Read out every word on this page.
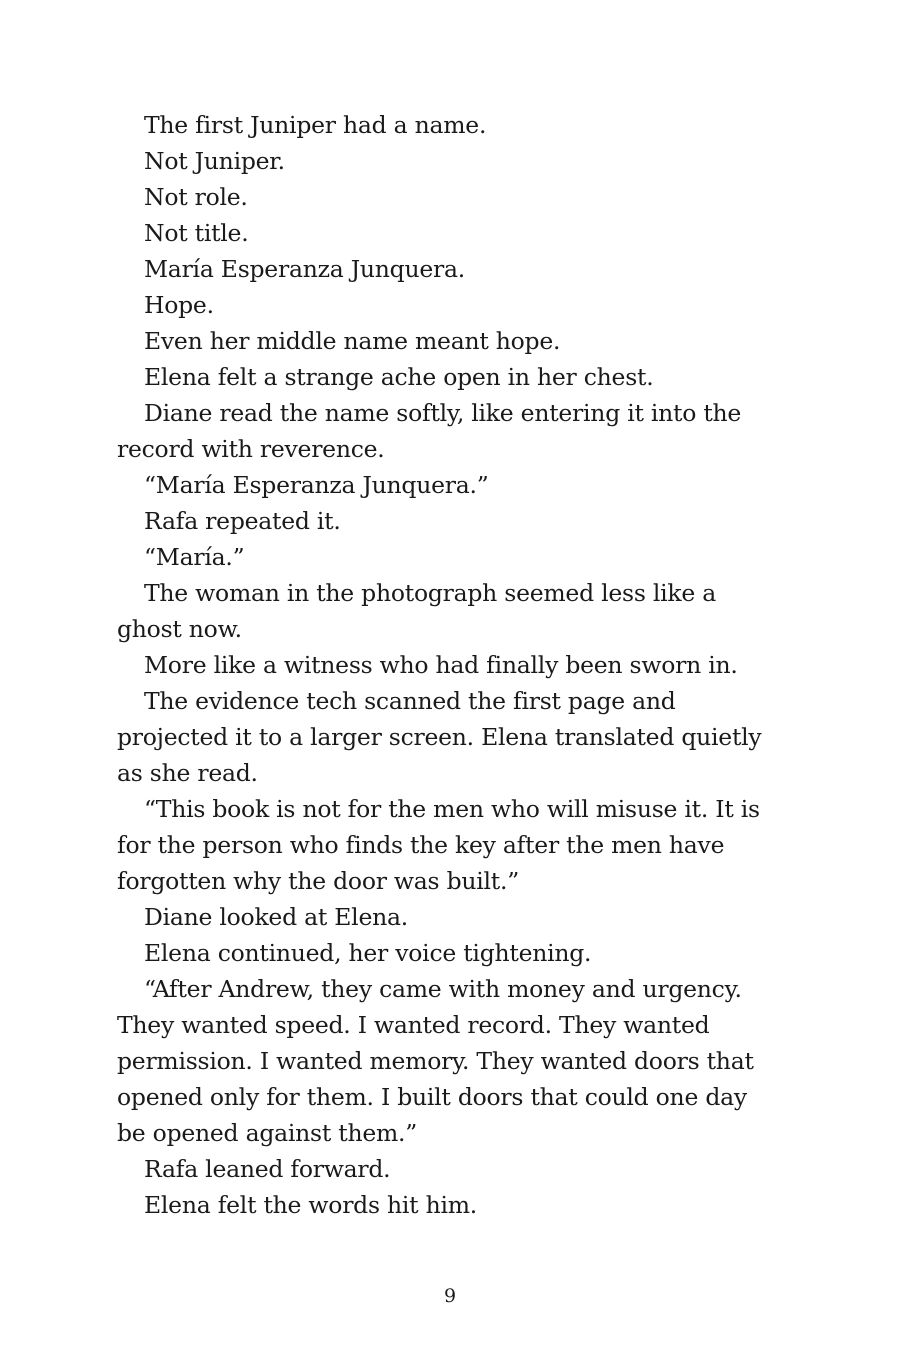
The first Juniper had a name.

Not Juniper.

Not role.

Not title.

María Esperanza Junquera.

Hope.

Even her middle name meant hope.

Elena felt a strange ache open in her chest.

Diane read the name softly, like entering it into the record with reverence.

“María Esperanza Junquera.”

Rafa repeated it.

“María.”

The woman in the photograph seemed less like a ghost now.

More like a witness who had finally been sworn in.

The evidence tech scanned the first page and projected it to a larger screen. Elena translated quietly as she read.

“This book is not for the men who will misuse it. It is for the person who finds the key after the men have forgotten why the door was built.”

Diane looked at Elena.

Elena continued, her voice tightening.

“After Andrew, they came with money and urgency. They wanted speed. I wanted record. They wanted permission. I wanted memory. They wanted doors that opened only for them. I built doors that could one day be opened against them.”

Rafa leaned forward.

Elena felt the words hit him.

9
